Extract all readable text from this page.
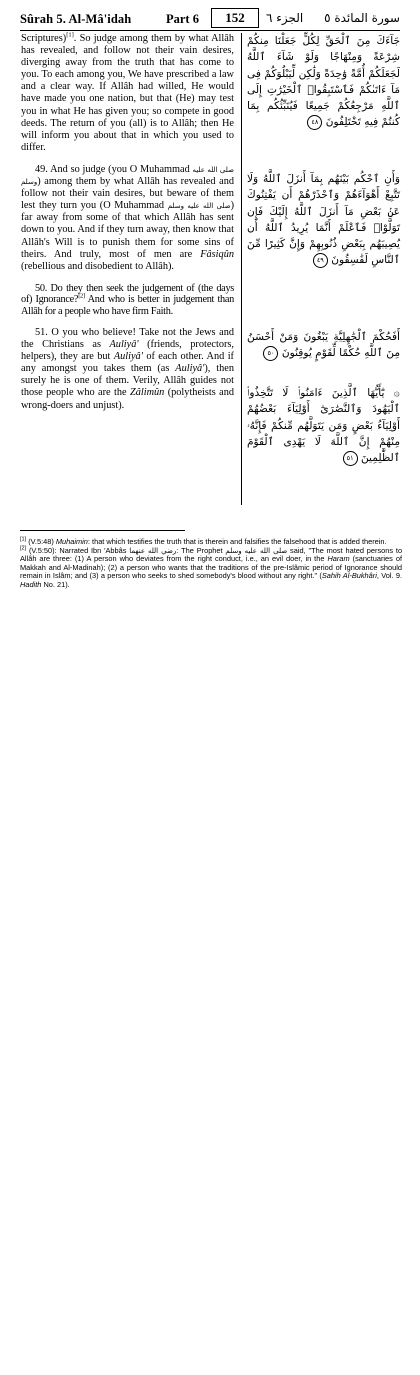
Sûrah 5. Al-Mâ'idah	Part 6	152	الجزء ٦ سورة المائدة ٥

Scriptures)[1]. So judge among them by what Allâh has revealed, and follow not their vain desires, diverging away from the truth that has come to you. To each among you, We have prescribed a law and a clear way. If Allâh had willed, He would have made you one nation, but that (He) may test you in what He has given you; so compete in good deeds. The return of you (all) is to Allâh; then He will inform you about that in which you used to differ.

49. And so judge (you O Muhammad صلى الله عليه وسلم) among them by what Allâh has revealed and follow not their vain desires, but beware of them lest they turn you (O Muhammad صلى الله عليه وسلم) far away from some of that which Allâh has sent down to you. And if they turn away, then know that Allâh's Will is to punish them for some sins of theirs. And truly, most of men are Fâsiqûn (rebellious and disobedient to Allâh).

50. Do they then seek the judgement of (the days of) Ignorance?[2] And who is better in judgement than Allâh for a people who have firm Faith.

51. O you who believe! Take not the Jews and the Christians as Auliyâ' (friends, protectors, helpers), they are but Auliyâ' of each other. And if any amongst you takes them (as Auliyâ'), then surely he is one of them. Verily, Allâh guides not those people who are the Zâlimûn (polytheists and wrong-doers and unjust).

جَآءَكَ مِنَ ٱلْحَقِّ لِكُلٍّ جَعَلْنَا مِنكُمْ شِرْعَةً وَمِنْهَاجًا وَلَوْ شَآءَ ٱللَّهُ لَجَعَلَكُمْ أُمَّةً وَٰحِدَةً وَلَٰكِن لِّيَبْلُوَكُمْ فِى مَآ ءَاتَىٰكُمْ فَٱسْتَبِقُوا۟ ٱلْخَيْرَٰتِ إِلَى ٱللَّهِ مَرْجِعُكُمْ جَمِيعًا فَيُنَبِّئُكُم بِمَا كُنتُمْ فِيهِ تَخْتَلِفُونَ ٤٨
وَأَنِ ٱحْكُم بَيْنَهُم بِمَآ أَنزَلَ ٱللَّهُ وَلَا تَتَّبِعْ أَهْوَآءَهُمْ وَٱحْذَرْهُمْ أَن يَفْتِنُوكَ عَنۢ بَعْضِ مَآ أَنزَلَ ٱللَّهُ إِلَيْكَ فَإِن تَوَلَّوْا۟ فَٱعْلَمْ أَنَّمَا يُرِيدُ ٱللَّهُ أَن يُصِيبَهُم بِبَعْضِ ذُنُوبِهِمْ وَإِنَّ كَثِيرًا مِّنَ ٱلنَّاسِ لَفَٰسِقُونَ ٤٩
أَفَحُكْمَ ٱلْجَٰهِلِيَّةِ يَبْغُونَ وَمَنْ أَحْسَنُ مِنَ ٱللَّهِ حُكْمًا لِّقَوْمٍ يُوقِنُونَ ٥٠
۞ يَٰٓأَيُّهَا ٱلَّذِينَ ءَامَنُوا۟ لَا تَتَّخِذُوا۟ ٱلْيَهُودَ وَٱلنَّصَٰرَىٰٓ أَوْلِيَآءَ بَعْضُهُمْ أَوْلِيَآءُ بَعْضٍ وَمَن يَتَوَلَّهُم مِّنكُمْ فَإِنَّهُۥ مِنْهُمْ إِنَّ ٱللَّهَ لَا يَهْدِى ٱلْقَوْمَ ٱلظَّٰلِمِينَ ٥١

[1] (V.5:48) Muhaimin: that which testifies the truth that is therein and falsifies the falsehood that is added therein.

[2] (V.5:50): Narrated Ibn 'Abbâs رضي الله عنهما: The Prophet صلى الله عليه وسلم said, "The most hated persons to Allâh are three: (1) A person who deviates from the right conduct, i.e., an evil doer, in the Haram (sanctuaries of Makkah and Al-Madinah); (2) a person who wants that the traditions of the pre-Islâmic period of Ignorance should remain in Islâm; and (3) a person who seeks to shed somebody's blood without any right." (Sahih Al-Bukhâri, Vol. 9. Hadith No. 21).
